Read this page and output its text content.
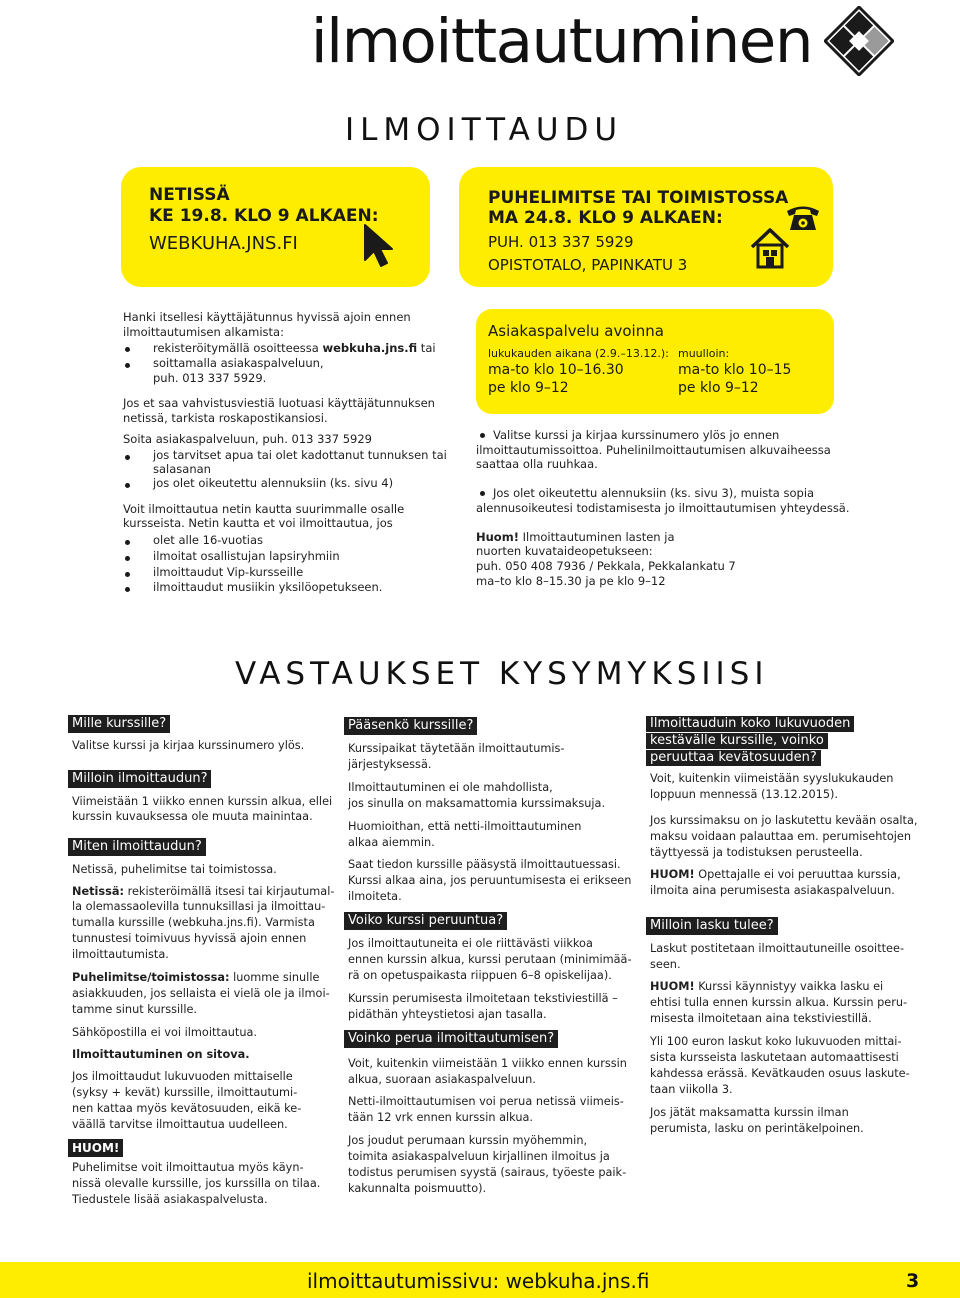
ilmoittautuminen
ILMOITTAUDU
NETISSÄ
KE 19.8. KLO 9 ALKAEN:
WEBKUHA.JNS.FI
PUHELIMITSE TAI TOIMISTOSSA
MA 24.8. KLO 9 ALKAEN:
PUH. 013 337 5929
OPISTOTALO, PAPINKATU 3
Hanki itsellesi käyttäjätunnus hyvissä ajoin ennen
ilmoittautumisen alkamista:
rekisteröitymällä osoitteessa webkuha.jns.fi tai
soittamalla asiakaspalveluun,
puh. 013 337 5929.
Jos et saa vahvistusviestiä luotuasi käyttäjätunnuksen
netissä, tarkista roskapostikansiosi.
Soita asiakaspalveluun, puh. 013 337 5929
jos tarvitset apua tai olet kadottanut tunnuksen tai
salasanan
jos olet oikeutettu alennuksiin (ks. sivu 4)
Voit ilmoittautua netin kautta suurimmalle osalle
kursseista. Netin kautta et voi ilmoittautua, jos
olet alle 16-vuotias
ilmoitat osallistujan lapsiryhmiin
ilmoittaudut Vip-kursseille
ilmoittaudut musiikin yksilöopetukseen.
Asiakaspalvelu avoinna
lukukauden aikana (2.9.–13.12.):
ma-to klo 10–16.30
pe klo 9–12
muulloin:
ma-to klo 10–15
pe klo 9–12
Valitse kurssi ja kirjaa kurssinumero ylös jo ennen
ilmoittautumissoittoa. Puhelinilmoittautumisen alkuvaiheessa
saattaa olla ruuhkaa.
Jos olet oikeutettu alennuksiin (ks. sivu 3), muista sopia
alennusoikeutesi todistamisesta jo ilmoittautumisen yhteydessä.
Huom! Ilmoittautuminen lasten ja
nuorten kuvataideopetukseen:
puh. 050 408 7936 / Pekkala, Pekkalankatu 7
ma–to klo 8–15.30 ja pe klo 9–12
VASTAUKSET KYSYMYKSIISI
Mille kurssille?
Valitse kurssi ja kirjaa kurssinumero ylös.
Milloin ilmoittaudun?
Viimeistään 1 viikko ennen kurssin alkua, ellei
kurssin kuvauksessa ole muuta mainintaa.
Miten ilmoittaudun?
Netissä, puhelimitse tai toimistossa.
Netissä: rekisteröimällä itsesi tai kirjautumal-
la olemassaolevilla tunnuksillasi ja ilmoittau-
tumalla kurssille (webkuha.jns.fi). Varmista
tunnustesi toimivuus hyvissä ajoin ennen
ilmoittautumista.
Puhelimitse/toimistossa: luomme sinulle
asiakkuuden, jos sellaista ei vielä ole ja ilmoi-
tamme sinut kurssille.
Sähköpostilla ei voi ilmoittautua.
Ilmoittautuminen on sitova.
Jos ilmoittaudut lukuvuoden mittaiselle
(syksy + kevät) kurssille, ilmoittautumi-
nen kattaa myös kevätosuuden, eikä ke-
väällä tarvitse ilmoittautua uudelleen.
HUOM!
Puhelimitse voit ilmoittautua myös käyn-
nissä olevalle kurssille, jos kurssilla on tilaa.
Tiedustele lisää asiakaspalvelusta.
Pääsenkö kurssille?
Kurssipaikat täytetään ilmoittautumis-
järjestyksessä.
Ilmoittautuminen ei ole mahdollista,
jos sinulla on maksamattomia kurssimaksuja.
Huomioithan, että netti-ilmoittautuminen
alkaa aiemmin.
Saat tiedon kurssille pääsystä ilmoittautuessasi.
Kurssi alkaa aina, jos peruuntumisesta ei erikseen
ilmoiteta.
Voiko kurssi peruuntua?
Jos ilmoittautuneita ei ole riittävästi viikkoa
ennen kurssin alkua, kurssi perutaan (minimimää-
rä on opetuspaikasta riippuen 6–8 opiskelijaa).
Kurssin perumisesta ilmoitetaan tekstiviestillä –
pidäthän yhteystietosi ajan tasalla.
Voinko perua ilmoittautumisen?
Voit, kuitenkin viimeistään 1 viikko ennen kurssin
alkua, suoraan asiakaspalveluun.
Netti-ilmoittautumisen voi perua netissä viimeis-
tään 12 vrk ennen kurssin alkua.
Jos joudut perumaan kurssin myöhemmin,
toimita asiakaspalveluun kirjallinen ilmoitus ja
todistus perumisen syystä (sairaus, työeste paik-
kakunnalta poismuutto).
Ilmoittauduin koko lukuvuoden
kestävälle kurssille, voinko
peruuttaa kevätosuuden?
Voit, kuitenkin viimeistään syyslukukauden
loppuun mennessä (13.12.2015).
Jos kurssimaksu on jo laskutettu kevään osalta,
maksu voidaan palauttaa em. perumisehtojen
täyttyessä ja todistuksen perusteella.
HUOM! Opettajalle ei voi peruuttaa kurssia,
ilmoita aina perumisesta asiakaspalveluun.
Milloin lasku tulee?
Laskut postitetaan ilmoittautuneille osoittee-
seen.
HUOM! Kurssi käynnistyy vaikka lasku ei
ehtisi tulla ennen kurssin alkua. Kurssin peru-
misesta ilmoitetaan aina tekstiviestillä.
Yli 100 euron laskut koko lukuvuoden mittai-
sista kursseista laskutetaan automaattisesti
kahdessa erässä. Kevätkauden osuus laskute-
taan viikolla 3.
Jos jätät maksamatta kurssin ilman
perumista, lasku on perintäkelpoinen.
ilmoittautumissivu: webkuha.jns.fi	3
